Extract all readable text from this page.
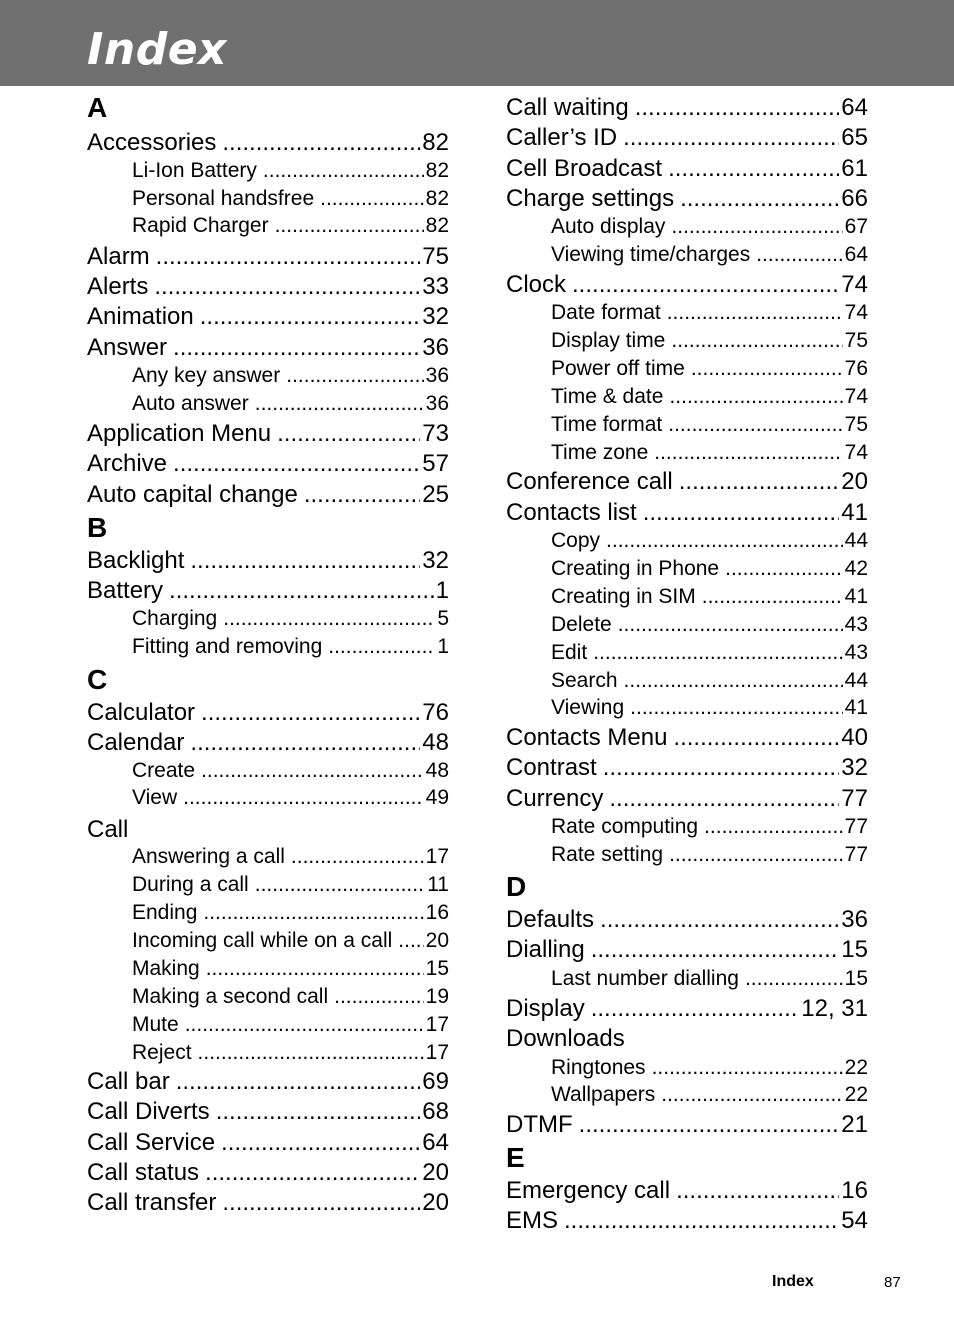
Index
A
Accessories .....	82
Li-Ion Battery .....	82
Personal handsfree .....	82
Rapid Charger .....	82
Alarm .....	75
Alerts .....	33
Animation .....	32
Answer .....	36
Any key answer .....	36
Auto answer .....	36
Application Menu .....	73
Archive .....	57
Auto capital change .....	25
B
Backlight .....	32
Battery .....	1
Charging .....	5
Fitting and removing .....	1
C
Calculator .....	76
Calendar .....	48
Create .....	48
View .....	49
Call
Answering a call .....	17
During a call .....	11
Ending .....	16
Incoming call while on a call ..... 20
Making .....	15
Making a second call .....	19
Mute .....	17
Reject .....	17
Call bar .....	69
Call Diverts .....	68
Call Service .....	64
Call status .....	20
Call transfer .....	20
Call waiting .....	64
Caller’s ID .....	65
Cell Broadcast .....	61
Charge settings .....	66
Auto display .....	67
Viewing time/charges .....	64
Clock .....	74
Date format .....	74
Display time .....	75
Power off time .....	76
Time & date .....	74
Time format .....	75
Time zone .....	74
Conference call .....	20
Contacts list .....	41
Copy .....	44
Creating in Phone .....	42
Creating in SIM .....	41
Delete .....	43
Edit .....	43
Search .....	44
Viewing .....	41
Contacts Menu .....	40
Contrast .....	32
Currency .....	77
Rate computing .....	77
Rate setting .....	77
D
Defaults .....	36
Dialling .....	15
Last number dialling .....	15
Display .....	12, 31
Downloads
Ringtones .....	22
Wallpapers .....	22
DTMF .....	21
E
Emergency call .....	16
EMS .....	54
Index	87
